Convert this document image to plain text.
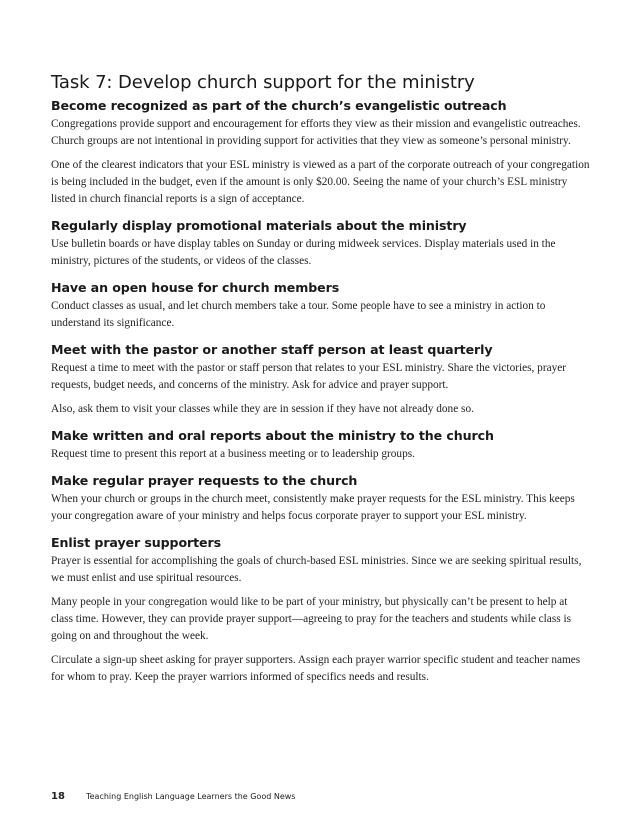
Task 7: Develop church support for the ministry
Become recognized as part of the church’s evangelistic outreach

Congregations provide support and encouragement for efforts they view as their mission and evangelistic outreaches. Church groups are not intentional in providing support for activities that they view as someone’s personal ministry.

One of the clearest indicators that your ESL ministry is viewed as a part of the corporate outreach of your congregation is being included in the budget, even if the amount is only $20.00. Seeing the name of your church’s ESL ministry listed in church financial reports is a sign of acceptance.

Regularly display promotional materials about the ministry

Use bulletin boards or have display tables on Sunday or during midweek services. Display materials used in the ministry, pictures of the students, or videos of the classes.

Have an open house for church members

Conduct classes as usual, and let church members take a tour. Some people have to see a ministry in action to understand its significance.

Meet with the pastor or another staff person at least quarterly

Request a time to meet with the pastor or staff person that relates to your ESL ministry. Share the victories, prayer requests, budget needs, and concerns of the ministry. Ask for advice and prayer support.

Also, ask them to visit your classes while they are in session if they have not already done so.

Make written and oral reports about the ministry to the church

Request time to present this report at a business meeting or to leadership groups.

Make regular prayer requests to the church

When your church or groups in the church meet, consistently make prayer requests for the ESL ministry. This keeps your congregation aware of your ministry and helps focus corporate prayer to support your ESL ministry.

Enlist prayer supporters

Prayer is essential for accomplishing the goals of church-based ESL ministries. Since we are seeking spiritual results, we must enlist and use spiritual resources.

Many people in your congregation would like to be part of your ministry, but physically can’t be present to help at class time. However, they can provide prayer support—agreeing to pray for the teachers and students while class is going on and throughout the week.

Circulate a sign-up sheet asking for prayer supporters. Assign each prayer warrior specific student and teacher names for whom to pray. Keep the prayer warriors informed of specifics needs and results.

18	Teaching English Language Learners the Good News
